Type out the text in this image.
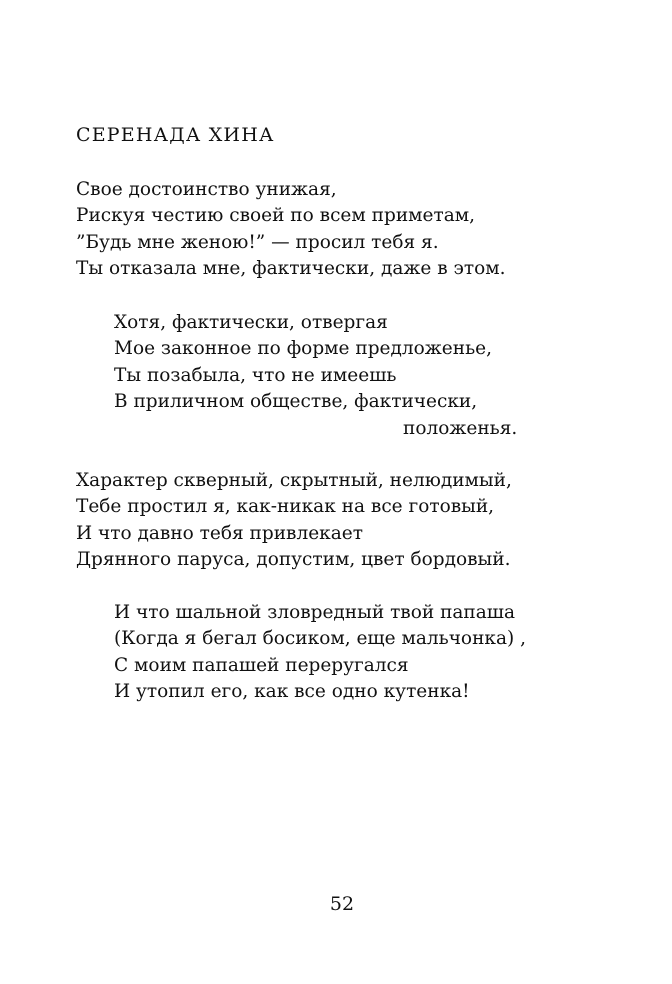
СЕРЕНАДА ХИНА
Свое достоинство унижая,
Рискуя честию своей по всем приметам,
”Будь мне женою!” — просил тебя я.
Ты отказала мне, фактически, даже в этом.
Хотя, фактически, отвергая
Мое законное по форме предложенье,
Ты позабыла, что не имеешь
В приличном обществе, фактически,
положенья.
Характер скверный, скрытный, нелюдимый,
Тебе простил я, как-никак на все готовый,
И что давно тебя привлекает
Дрянного паруса, допустим, цвет бордовый.
И что шальной зловредный твой папаша
(Когда я бегал босиком, еще мальчонка) ,
С моим папашей переругался
И утопил его, как все одно кутенка!
52
